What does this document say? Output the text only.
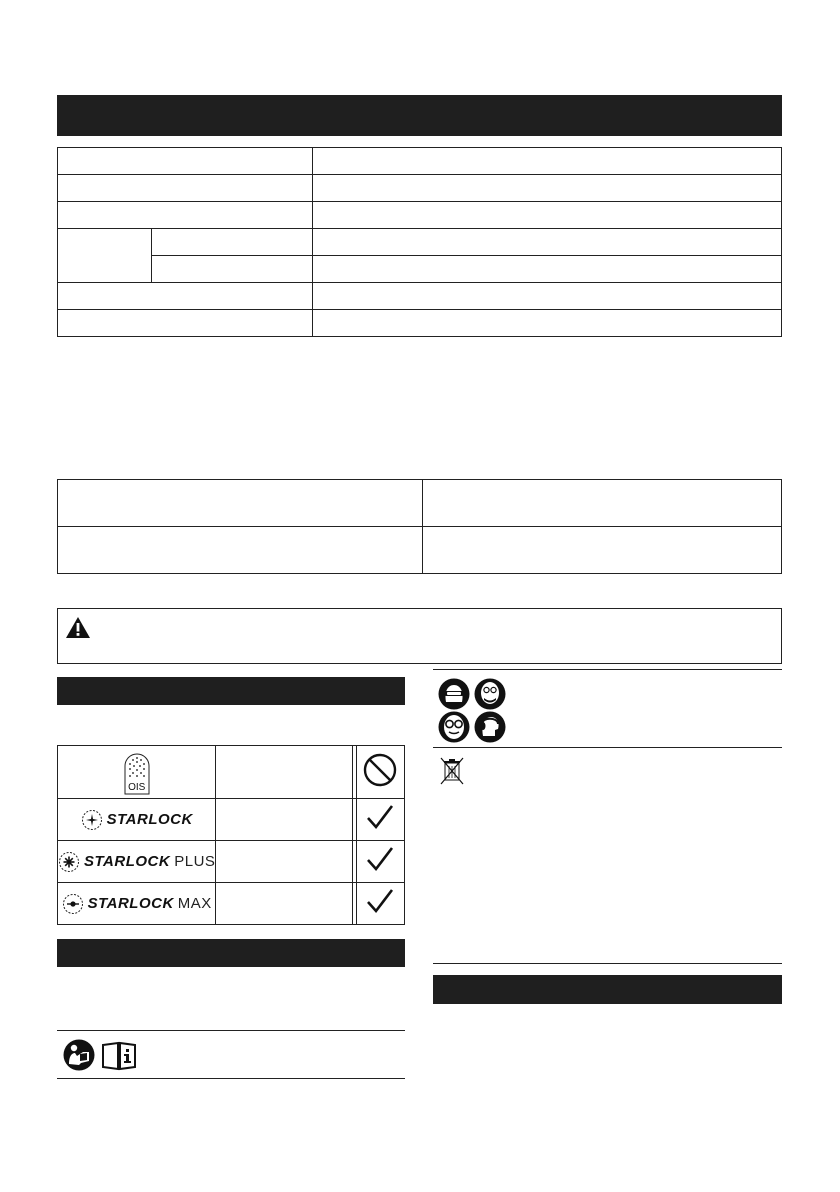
OIS

STARLOCK

STARLOCK PLUS

STARLOCK MAX
